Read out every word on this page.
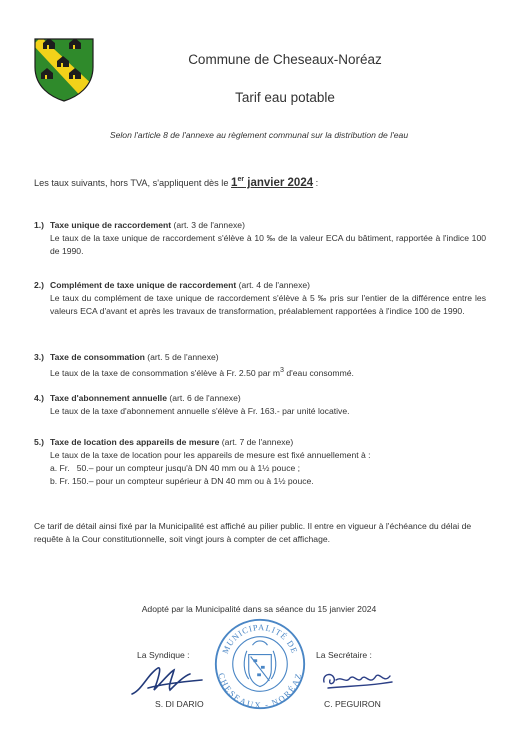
Commune de Cheseaux-Noréaz
Tarif eau potable
Selon l'article 8 de l'annexe au règlement communal sur la distribution de l'eau
Les taux suivants, hors TVA, s'appliquent dès le 1er janvier 2024 :
1.) Taxe unique de raccordement (art. 3 de l'annexe)
Le taux de la taxe unique de raccordement s'élève à 10 ‰ de la valeur ECA du bâtiment, rapportée à l'indice 100 de 1990.
2.) Complément de taxe unique de raccordement (art. 4 de l'annexe)
Le taux du complément de taxe unique de raccordement s'élève à 5 ‰ pris sur l'entier de la différence entre les valeurs ECA d'avant et après les travaux de transformation, préalablement rapportées à l'indice 100 de 1990.
3.) Taxe de consommation (art. 5 de l'annexe)
Le taux de la taxe de consommation s'élève à Fr. 2.50 par $m^3$ d'eau consommé.
4.) Taxe d'abonnement annuelle (art. 6 de l'annexe)
Le taux de la taxe d'abonnement annuelle s'élève à Fr. 163.- par unité locative.
5.) Taxe de location des appareils de mesure (art. 7 de l'annexe)
Le taux de la taxe de location pour les appareils de mesure est fixé annuellement à :
a. Fr.   50.– pour un compteur jusqu'à DN 40 mm ou à 1½ pouce ;
b. Fr. 150.– pour un compteur supérieur à DN 40 mm ou à 1½ pouce.
Ce tarif de détail ainsi fixé par la Municipalité est affiché au pilier public. Il entre en vigueur à l'échéance du délai de requête à la Cour constitutionnelle, soit vingt jours à compter de cet affichage.
Adopté par la Municipalité dans sa séance du 15 janvier 2024
La Syndique :	La Secrétaire :
MUNICIPALITÉ DE
CHESEAUX - NORÉAZ
S. DI DARIO	C. PEGUIRON
